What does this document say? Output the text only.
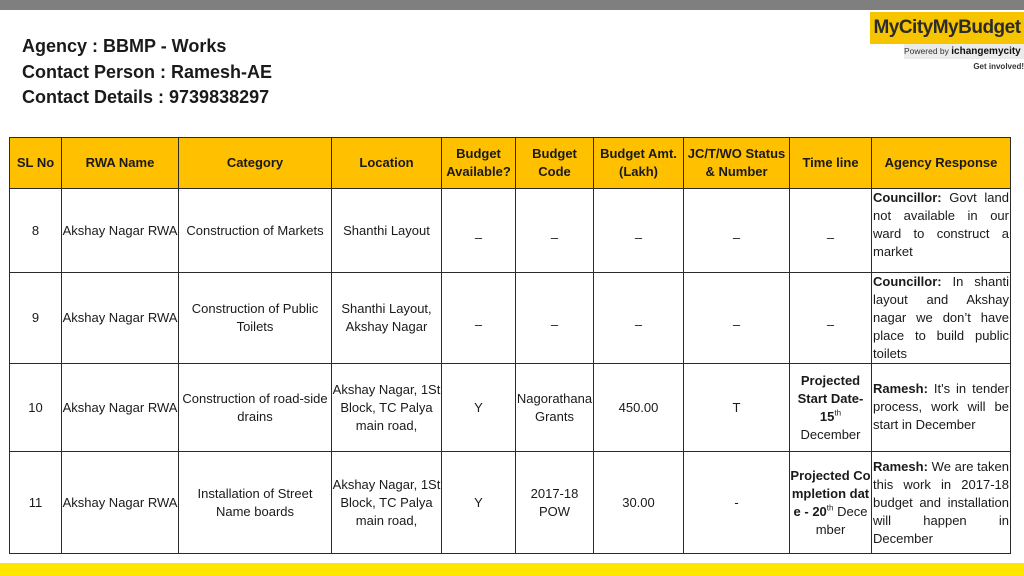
Agency : BBMP - Works
Contact Person : Ramesh-AE
Contact Details : 9739838297
MyCityMyBudget
Powered by ichangemycity
Get involved!
SL No	RWA Name	Category	Location	Budget Available?	Budget Code	Budget Amt. (Lakh)	JC/T/WO Status & Number	Time line	Agency Response
8	Akshay Nagar RWA	Construction of Markets	Shanthi Layout	–	–	–	–	–	Councillor: Govt land not available in our ward to construct a market
9	Akshay Nagar RWA	Construction of Public Toilets	Shanthi Layout, Akshay Nagar	–	–	–	–	–	Councillor: In shanti layout and Akshay nagar we don’t have place to build public toilets
10	Akshay Nagar RWA	Construction of road-side drains	Akshay Nagar, 1St Block, TC Palya main road,	Y	Nagorathana Grants	450.00	T	Projected Start Date- 15th December	Ramesh: It's in tender process, work will be start in December
11	Akshay Nagar RWA	Installation of Street Name boards	Akshay Nagar, 1St Block, TC Palya main road,	Y	2017-18 POW	30.00	-	Projected Completion date - 20th December	Ramesh: We are taken this work in 2017-18 budget and installation will happen in December
